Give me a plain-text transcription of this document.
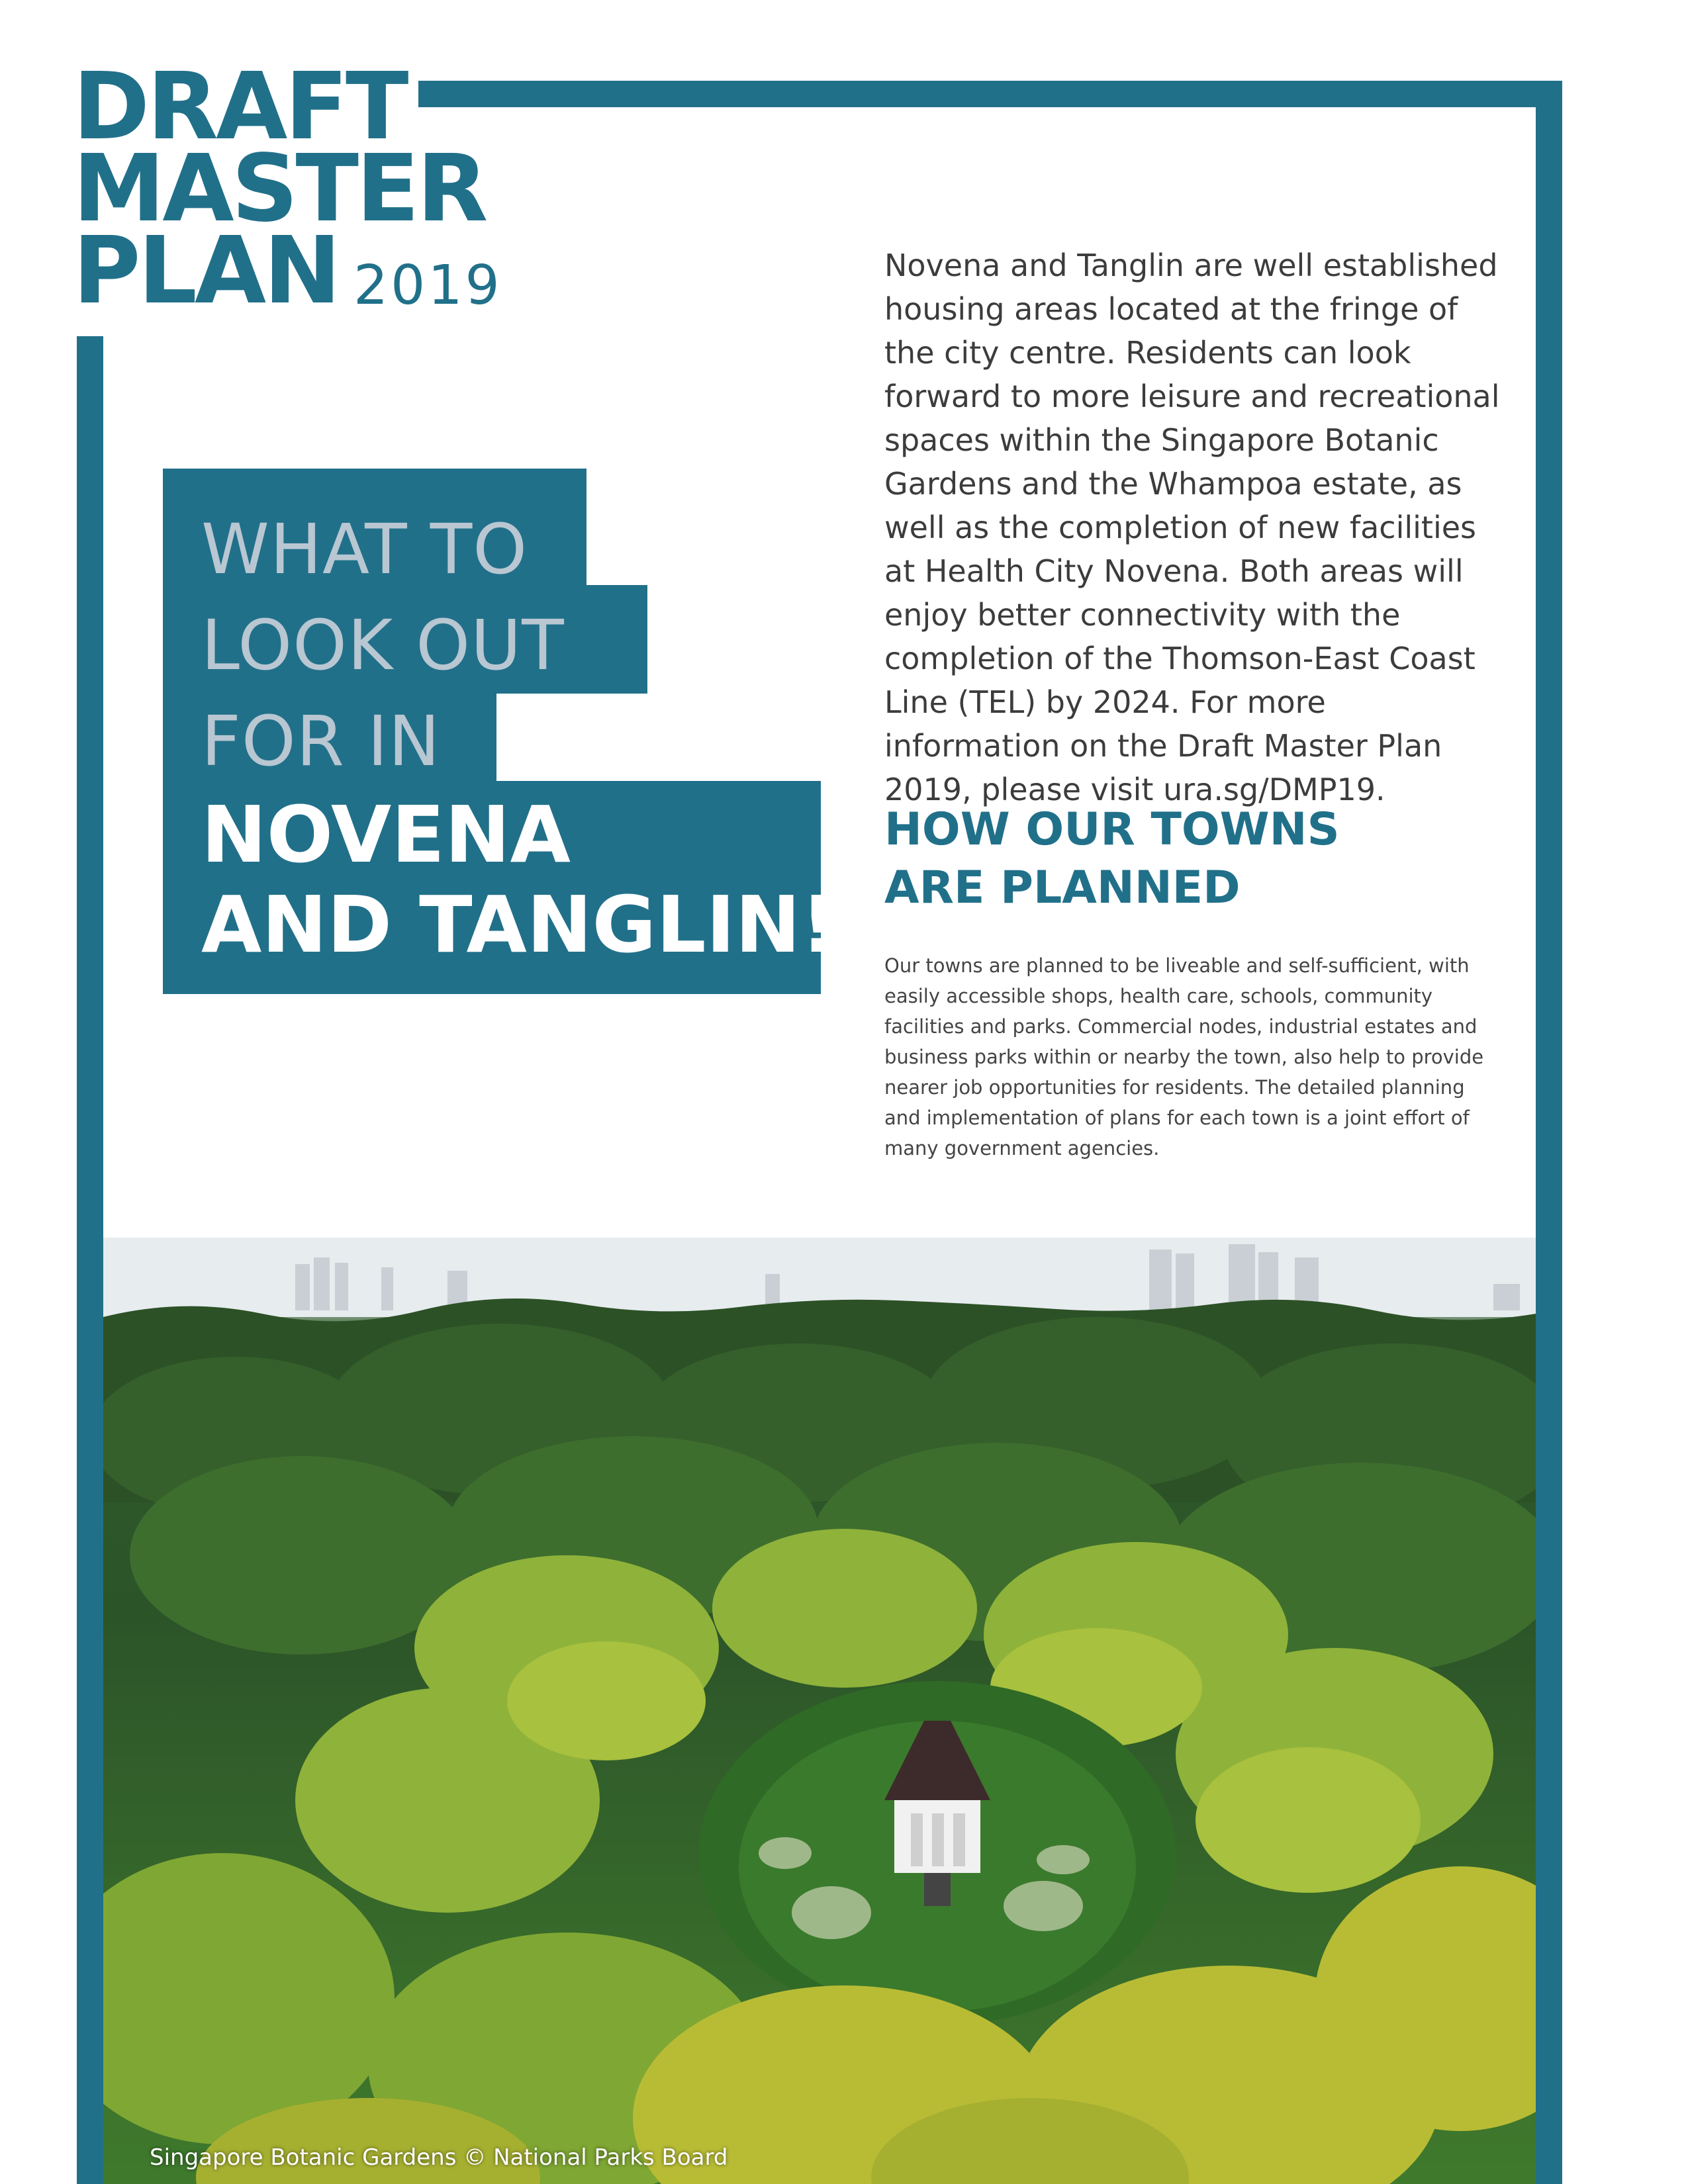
DRAFT
MASTER
PLAN 2019
WHAT TO
LOOK OUT
FOR IN
NOVENA
AND TANGLIN!
Novena and Tanglin are well established housing areas located at the fringe of the city centre. Residents can look forward to more leisure and recreational spaces within the Singapore Botanic Gardens and the Whampoa estate, as well as the completion of new facilities at Health City Novena. Both areas will enjoy better connectivity with the completion of the Thomson-East Coast Line (TEL) by 2024. For more information on the Draft Master Plan 2019, please visit ura.sg/DMP19.
HOW OUR TOWNS
ARE PLANNED
Our towns are planned to be liveable and self-sufficient, with easily accessible shops, health care, schools, community facilities and parks. Commercial nodes, industrial estates and business parks within or nearby the town, also help to provide nearer job opportunities for residents. The detailed planning and implementation of plans for each town is a joint effort of many government agencies.
Singapore Botanic Gardens © National Parks Board
